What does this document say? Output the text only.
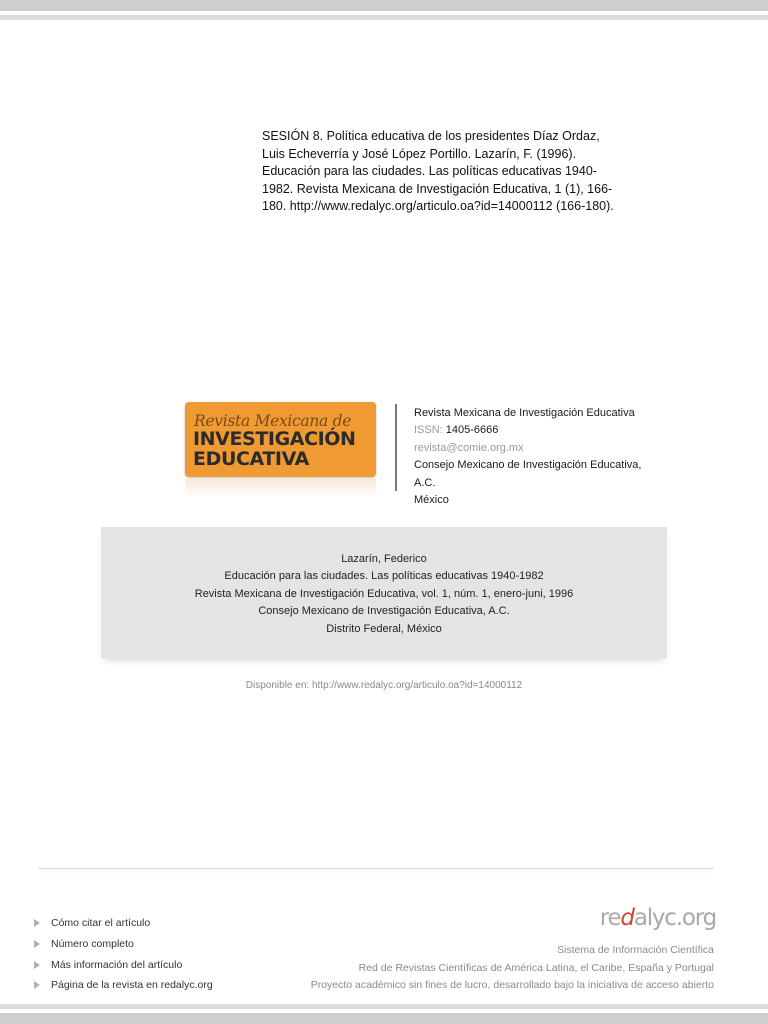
SESIÓN 8. Política educativa de los presidentes Díaz Ordaz, Luis Echeverría y José López Portillo. Lazarín, F. (1996). Educación para las ciudades. Las políticas educativas 1940-1982. Revista Mexicana de Investigación Educativa, 1 (1), 166-180. http://www.redalyc.org/articulo.oa?id=14000112 (166-180).

Revista Mexicana de
INVESTIGACIÓN
EDUCATIVA
Revista Mexicana de Investigación Educativa
ISSN: 1405-6666
revista@comie.org.mx
Consejo Mexicano de Investigación Educativa,
A.C.
México
Lazarín, Federico
Educación para las ciudades. Las políticas educativas 1940-1982
Revista Mexicana de Investigación Educativa, vol. 1, núm. 1, enero-juni, 1996
Consejo Mexicano de Investigación Educativa, A.C.
Distrito Federal, México
Disponible en: http://www.redalyc.org/articulo.oa?id=14000112
Cómo citar el artículo
Número completo
Más información del artículo
Página de la revista en redalyc.org
redalyc.org
Sistema de Información Científica
Red de Revistas Científicas de América Latina, el Caribe, España y Portugal
Proyecto académico sin fines de lucro, desarrollado bajo la iniciativa de acceso abierto
